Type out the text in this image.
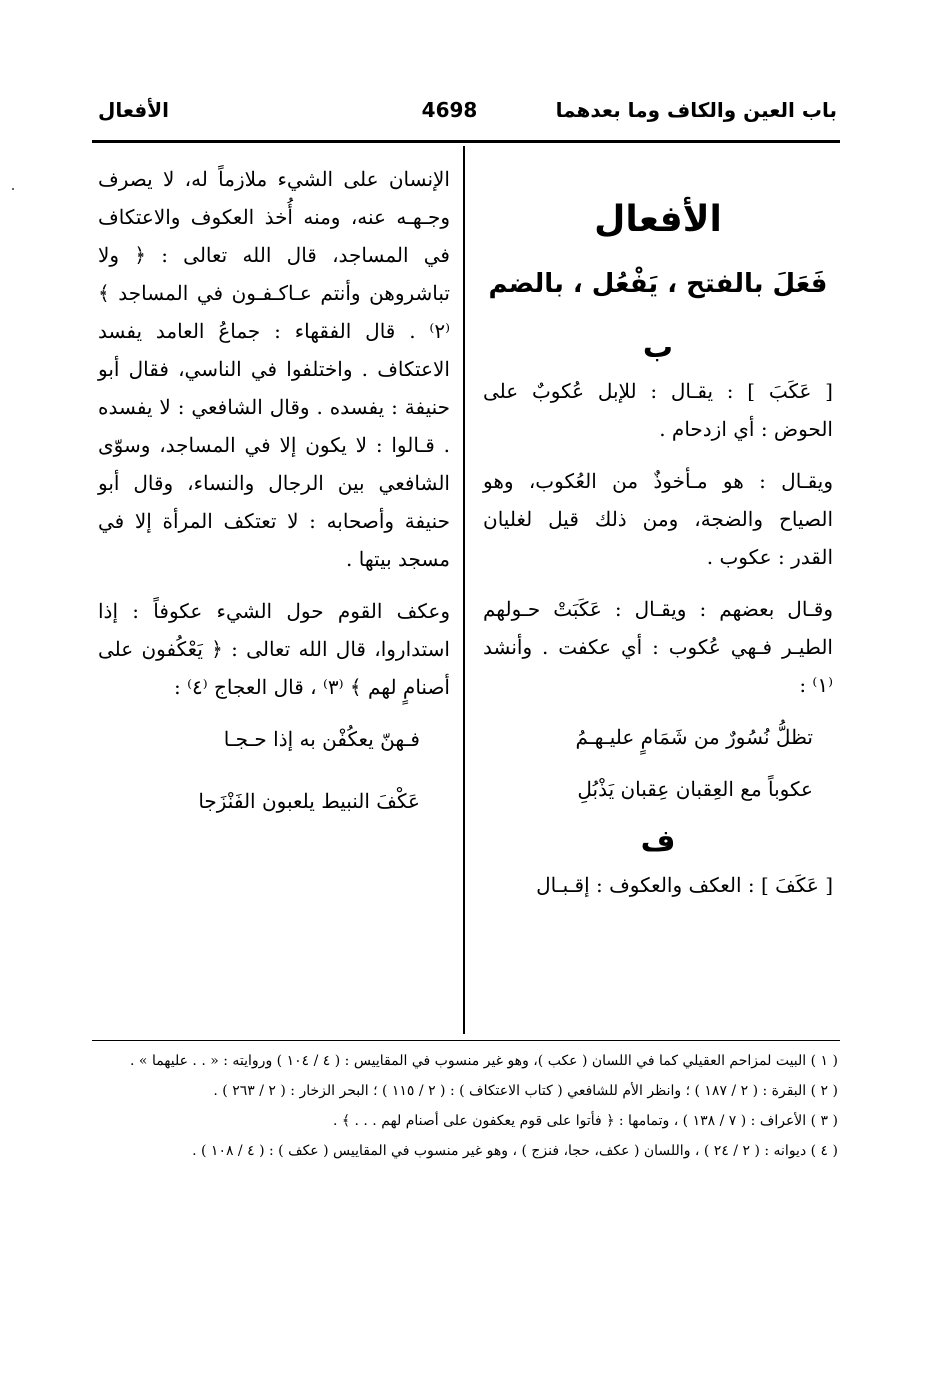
باب العين والكاف وما بعدهما
4698
الأفعال
الأفعال
فَعَلَ بالفتح ، يَفْعُل ، بالضم
ب

[ عَكَبَ ] : يقـال : للإبل عُكوبٌ على الحوض : أي ازدحام .

ويقـال : هو مـأخوذٌ من العُكوب، وهو الصياح والضجة، ومن ذلك قيل لغليان القدر : عكوب .

وقـال بعضهم : ويقـال : عَكَبَتْ حـولهم الطيـر فـهي عُكوب : أي عكفت . وأنشد ⁽١⁾ :

تظلُّ نُسُورٌ من شَمَامٍ عليـهـمُ
عكوباً مع العِقبان عِقبان يَذْبُلِ
ف

[ عَكَفَ ] : العكف والعكوف : إقـبـال

الإنسان على الشيء ملازماً له، لا يصرف وجـهـه عنه، ومنه أُخذ العكوف والاعتكاف في المساجد، قال الله تعالى : ﴿ ولا تباشروهن وأنتم عـاكـفـون في المساجد ﴾ ⁽٢⁾ . قال الفقهاء : جماعُ العامد يفسد الاعتكاف . واختلفوا في الناسي، فقال أبو حنيفة : يفسده . وقال الشافعي : لا يفسده . قـالوا : لا يكون إلا في المساجد، وسوّى الشافعي بين الرجال والنساء، وقال أبو حنيفة وأصحابه : لا تعتكف المرأة إلا في مسجد بيتها .

وعكف القوم حول الشيء عكوفاً : إذا استداروا، قال الله تعالى : ﴿ يَعْكُفون على أصنامٍ لهم ﴾ ⁽٣⁾ ، قال العجاج ⁽٤⁾ :

فـهنّ يعكُفْن به إذا حـجـا
عَكْفَ النبيط يلعبون الفَنْزَجا
( ١ ) البيت لمزاحم العقيلي كما في اللسان ( عكب )، وهو غير منسوب في المقاييس : ( ٤ / ١٠٤ ) وروايته : « . . عليهما » .
( ٢ ) البقرة : ( ٢ / ١٨٧ ) ؛ وانظر الأم للشافعي ( كتاب الاعتكاف ) : ( ٢ / ١١٥ ) ؛ البحر الزخار : ( ٢ / ٢٦٣ ) .
( ٣ ) الأعراف : ( ٧ / ١٣٨ ) ، وتمامها : ﴿ فأتوا على قوم يعكفون على أصنام لهم . . . ﴾ .
( ٤ ) ديوانه : ( ٢ / ٢٤ ) ، واللسان ( عكف، حجا، فنزج ) ، وهو غير منسوب في المقاييس ( عكف ) : ( ٤ / ١٠٨ ) .
